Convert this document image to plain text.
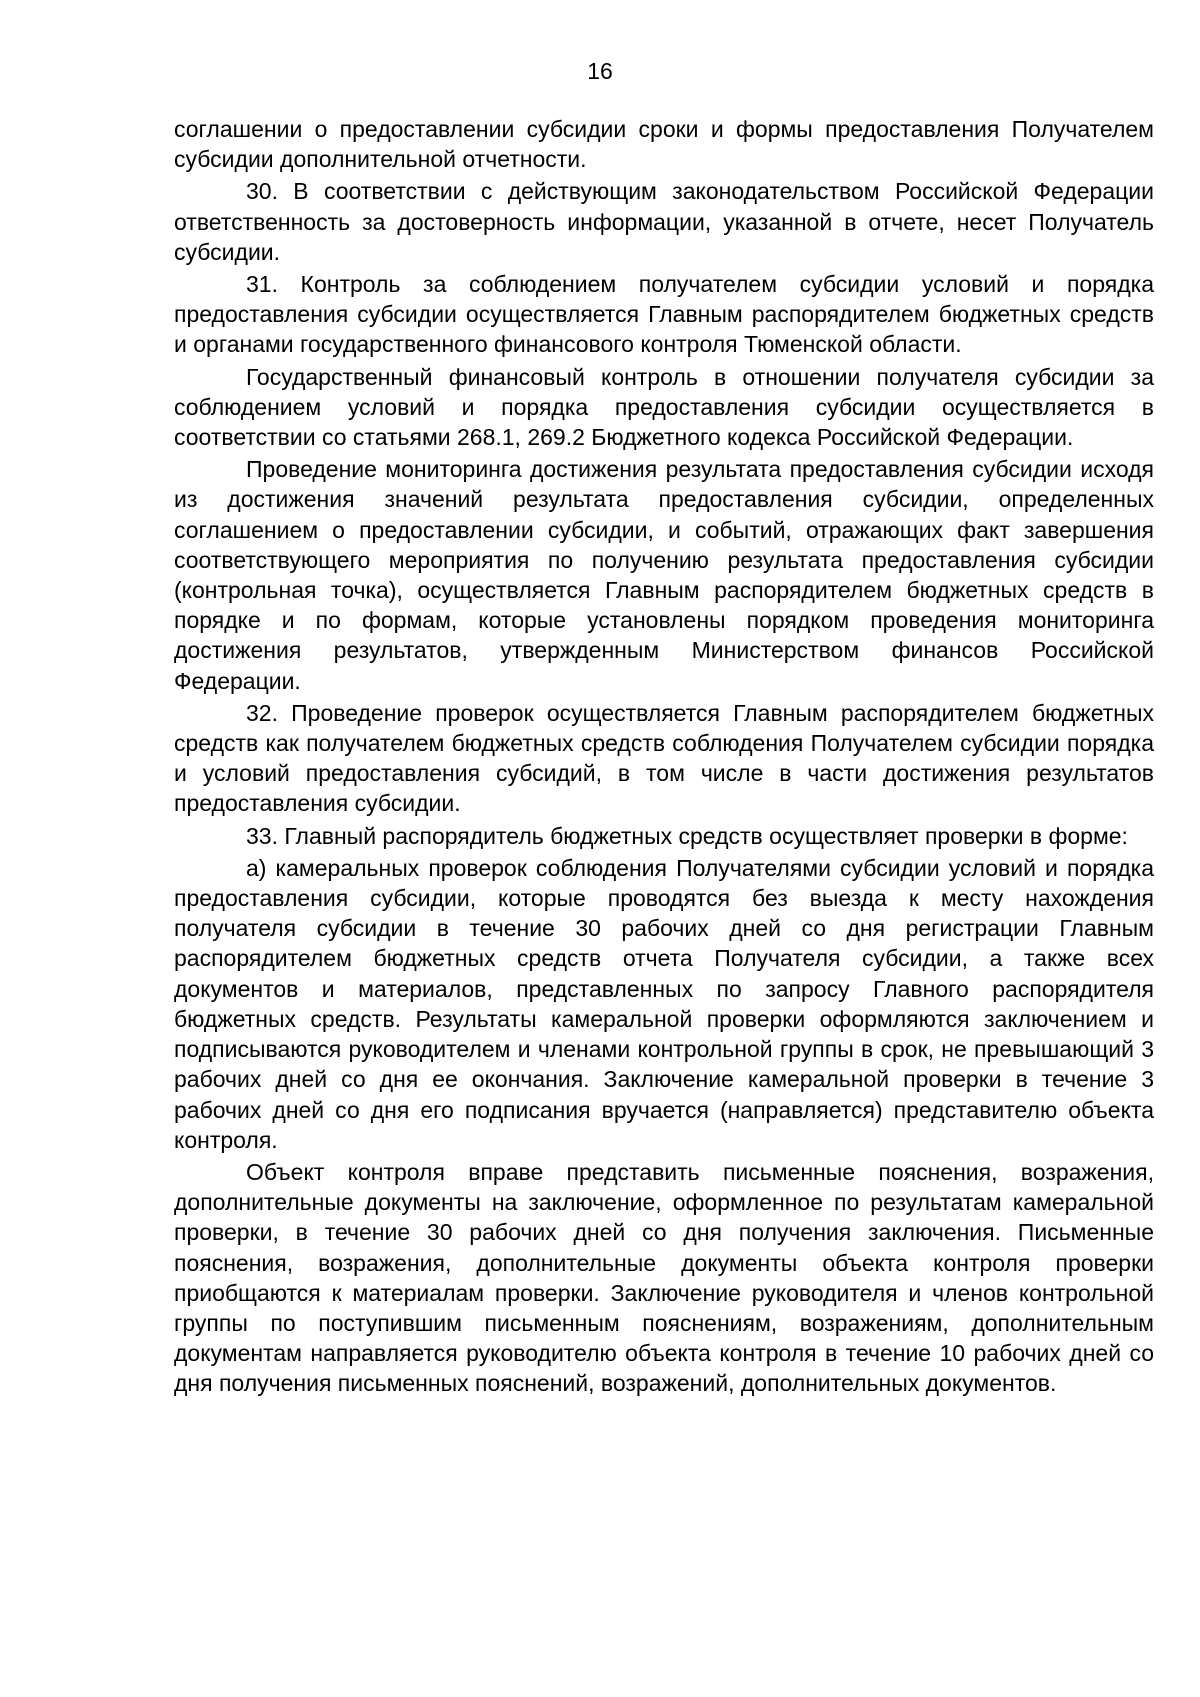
16

соглашении о предоставлении субсидии сроки и формы предоставления Получателем субсидии дополнительной отчетности.

30. В соответствии с действующим законодательством Российской Федерации ответственность за достоверность информации, указанной в отчете, несет Получатель субсидии.

31. Контроль за соблюдением получателем субсидии условий и порядка предоставления субсидии осуществляется Главным распорядителем бюджетных средств и органами государственного финансового контроля Тюменской области.

Государственный финансовый контроль в отношении получателя субсидии за соблюдением условий и порядка предоставления субсидии осуществляется в соответствии со статьями 268.1, 269.2 Бюджетного кодекса Российской Федерации.

Проведение мониторинга достижения результата предоставления субсидии исходя из достижения значений результата предоставления субсидии, определенных соглашением о предоставлении субсидии, и событий, отражающих факт завершения соответствующего мероприятия по получению результата предоставления субсидии (контрольная точка), осуществляется Главным распорядителем бюджетных средств в порядке и по формам, которые установлены порядком проведения мониторинга достижения результатов, утвержденным Министерством финансов Российской Федерации.

32. Проведение проверок осуществляется Главным распорядителем бюджетных средств как получателем бюджетных средств соблюдения Получателем субсидии порядка и условий предоставления субсидий, в том числе в части достижения результатов предоставления субсидии.

33. Главный распорядитель бюджетных средств осуществляет проверки в форме:

а) камеральных проверок соблюдения Получателями субсидии условий и порядка предоставления субсидии, которые проводятся без выезда к месту нахождения получателя субсидии в течение 30 рабочих дней со дня регистрации Главным распорядителем бюджетных средств отчета Получателя субсидии, а также всех документов и материалов, представленных по запросу Главного распорядителя бюджетных средств. Результаты камеральной проверки оформляются заключением и подписываются руководителем и членами контрольной группы в срок, не превышающий 3 рабочих дней со дня ее окончания. Заключение камеральной проверки в течение 3 рабочих дней со дня его подписания вручается (направляется) представителю объекта контроля.

Объект контроля вправе представить письменные пояснения, возражения, дополнительные документы на заключение, оформленное по результатам камеральной проверки, в течение 30 рабочих дней со дня получения заключения. Письменные пояснения, возражения, дополнительные документы объекта контроля проверки приобщаются к материалам проверки. Заключение руководителя и членов контрольной группы по поступившим письменным пояснениям, возражениям, дополнительным документам направляется руководителю объекта контроля в течение 10 рабочих дней со дня получения письменных пояснений, возражений, дополнительных документов.
